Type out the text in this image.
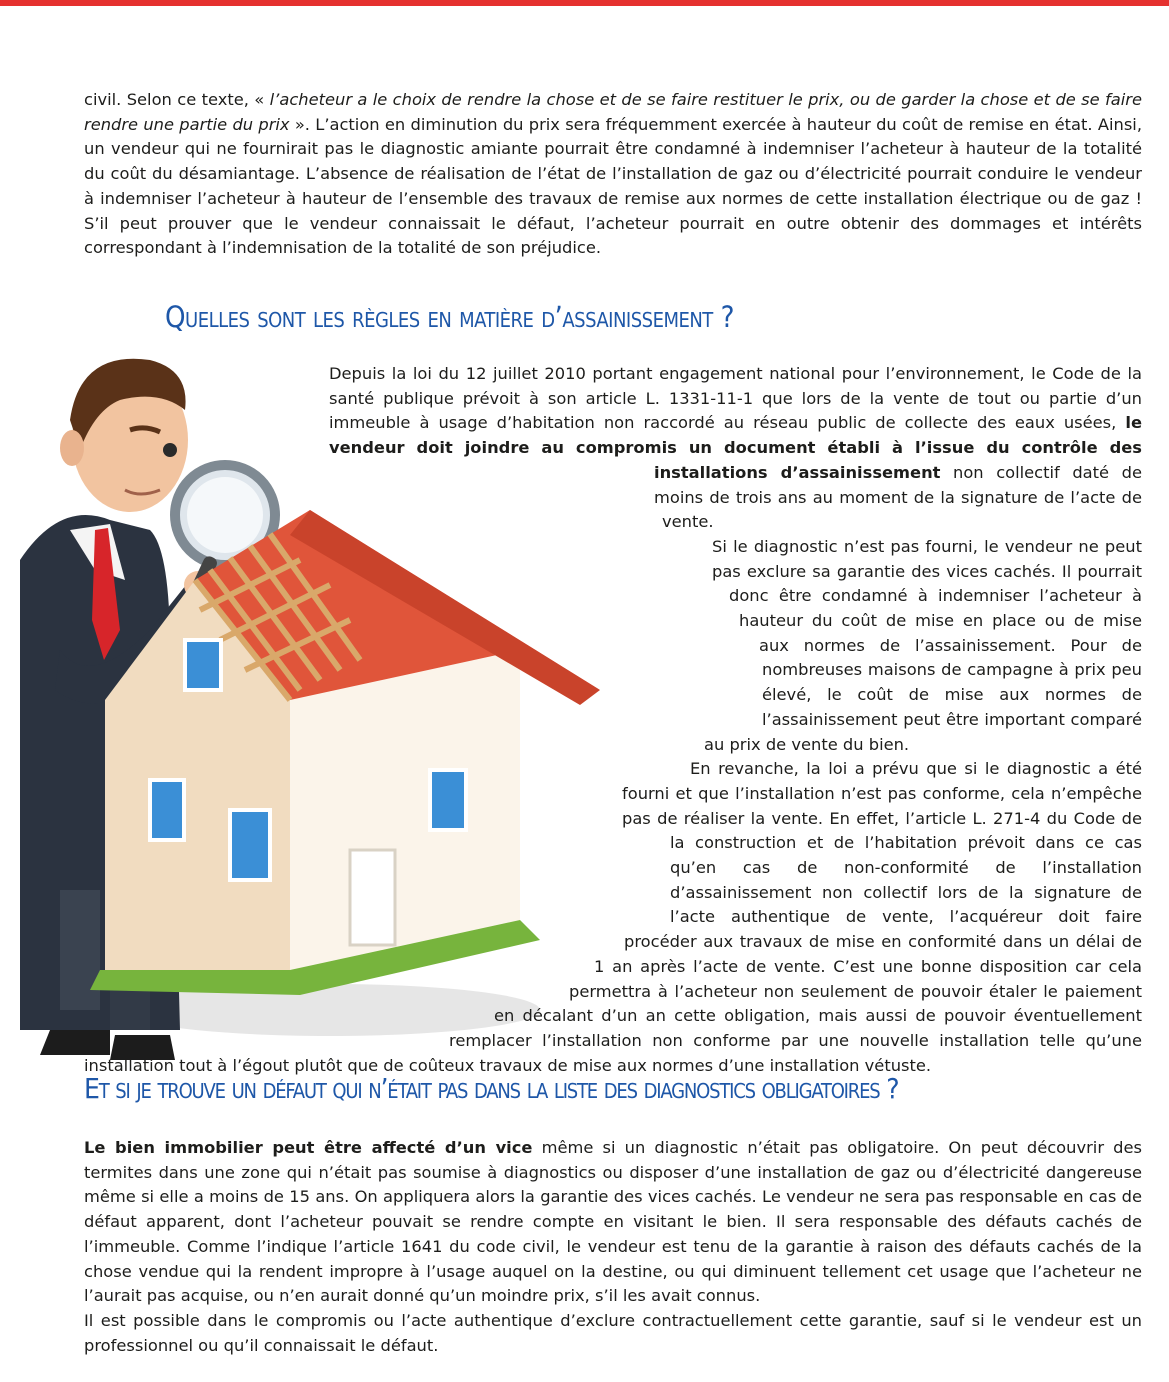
civil. Selon ce texte, « l’acheteur a le choix de rendre la chose et de se faire restituer le prix, ou de garder la chose et de se faire rendre une partie du prix ». L’action en diminution du prix sera fréquemment exercée à hauteur du coût de remise en état. Ainsi, un vendeur qui ne fournirait pas le diagnostic amiante pourrait être condamné à indemniser l’acheteur à hauteur de la totalité du coût du désamiantage. L’absence de réalisation de l’état de l’installation de gaz ou d’électricité pourrait conduire le vendeur à indemniser l’acheteur à hauteur de l’ensemble des travaux de remise aux normes de cette installation électrique ou de gaz ! S’il peut prouver que le vendeur connaissait le défaut, l’acheteur pourrait en outre obtenir des dommages et intérêts correspondant à l’indemnisation de la totalité de son préjudice.

Quelles sont les règles en matière d’assainissement ?

Depuis la loi du 12 juillet 2010 portant engagement national pour l’environnement, le Code de la santé publique prévoit à son article L. 1331-11-1 que lors de la vente de tout ou partie d’un immeuble à usage d’habitation non raccordé au réseau public de collecte des eaux usées, le vendeur doit joindre au compromis un document établi à l’issue du contrôle des installations d’assainissement non collectif daté de moins de trois ans au moment de la signature de l’acte de vente.

Si le diagnostic n’est pas fourni, le vendeur ne peut pas exclure sa garantie des vices cachés. Il pourrait donc être condamné à indemniser l’acheteur à hauteur du coût de mise en place ou de mise aux normes de l’assainissement. Pour de nombreuses maisons de campagne à prix peu élevé, le coût de mise aux normes de l’assainissement peut être important comparé au prix de vente du bien.

En revanche, la loi a prévu que si le diagnostic a été fourni et que l’installation n’est pas conforme, cela n’empêche pas de réaliser la vente. En effet, l’article L. 271-4 du Code de la construction et de l’habitation prévoit dans ce cas qu’en cas de non-conformité de l’installation d’assainissement non collectif lors de la signature de l’acte authentique de vente, l’acquéreur doit faire procéder aux travaux de mise en conformité dans un délai de 1 an après l’acte de vente. C’est une bonne disposition car cela permettra à l’acheteur non seulement de pouvoir étaler le paiement en décalant d’un an cette obligation, mais aussi de pouvoir éventuellement remplacer l’installation non conforme par une nouvelle installation telle qu’une installation tout à l’égout plutôt que de coûteux travaux de mise aux normes d’une installation vétuste.

Et si je trouve un défaut qui n’était pas dans la liste des diagnostics obligatoires ?

Le bien immobilier peut être affecté d’un vice même si un diagnostic n’était pas obligatoire. On peut découvrir des termites dans une zone qui n’était pas soumise à diagnostics ou disposer d’une installation de gaz ou d’électricité dangereuse même si elle a moins de 15 ans. On appliquera alors la garantie des vices cachés. Le vendeur ne sera pas responsable en cas de défaut apparent, dont l’acheteur pouvait se rendre compte en visitant le bien. Il sera responsable des défauts cachés de l’immeuble. Comme l’indique l’article 1641 du code civil, le vendeur est tenu de la garantie à raison des défauts cachés de la chose vendue qui la rendent impropre à l’usage auquel on la destine, ou qui diminuent tellement cet usage que l’acheteur ne l’aurait pas acquise, ou n’en aurait donné qu’un moindre prix, s’il les avait connus.

Il est possible dans le compromis ou l’acte authentique d’exclure contractuellement cette garantie, sauf si le vendeur est un professionnel ou qu’il connaissait le défaut.
